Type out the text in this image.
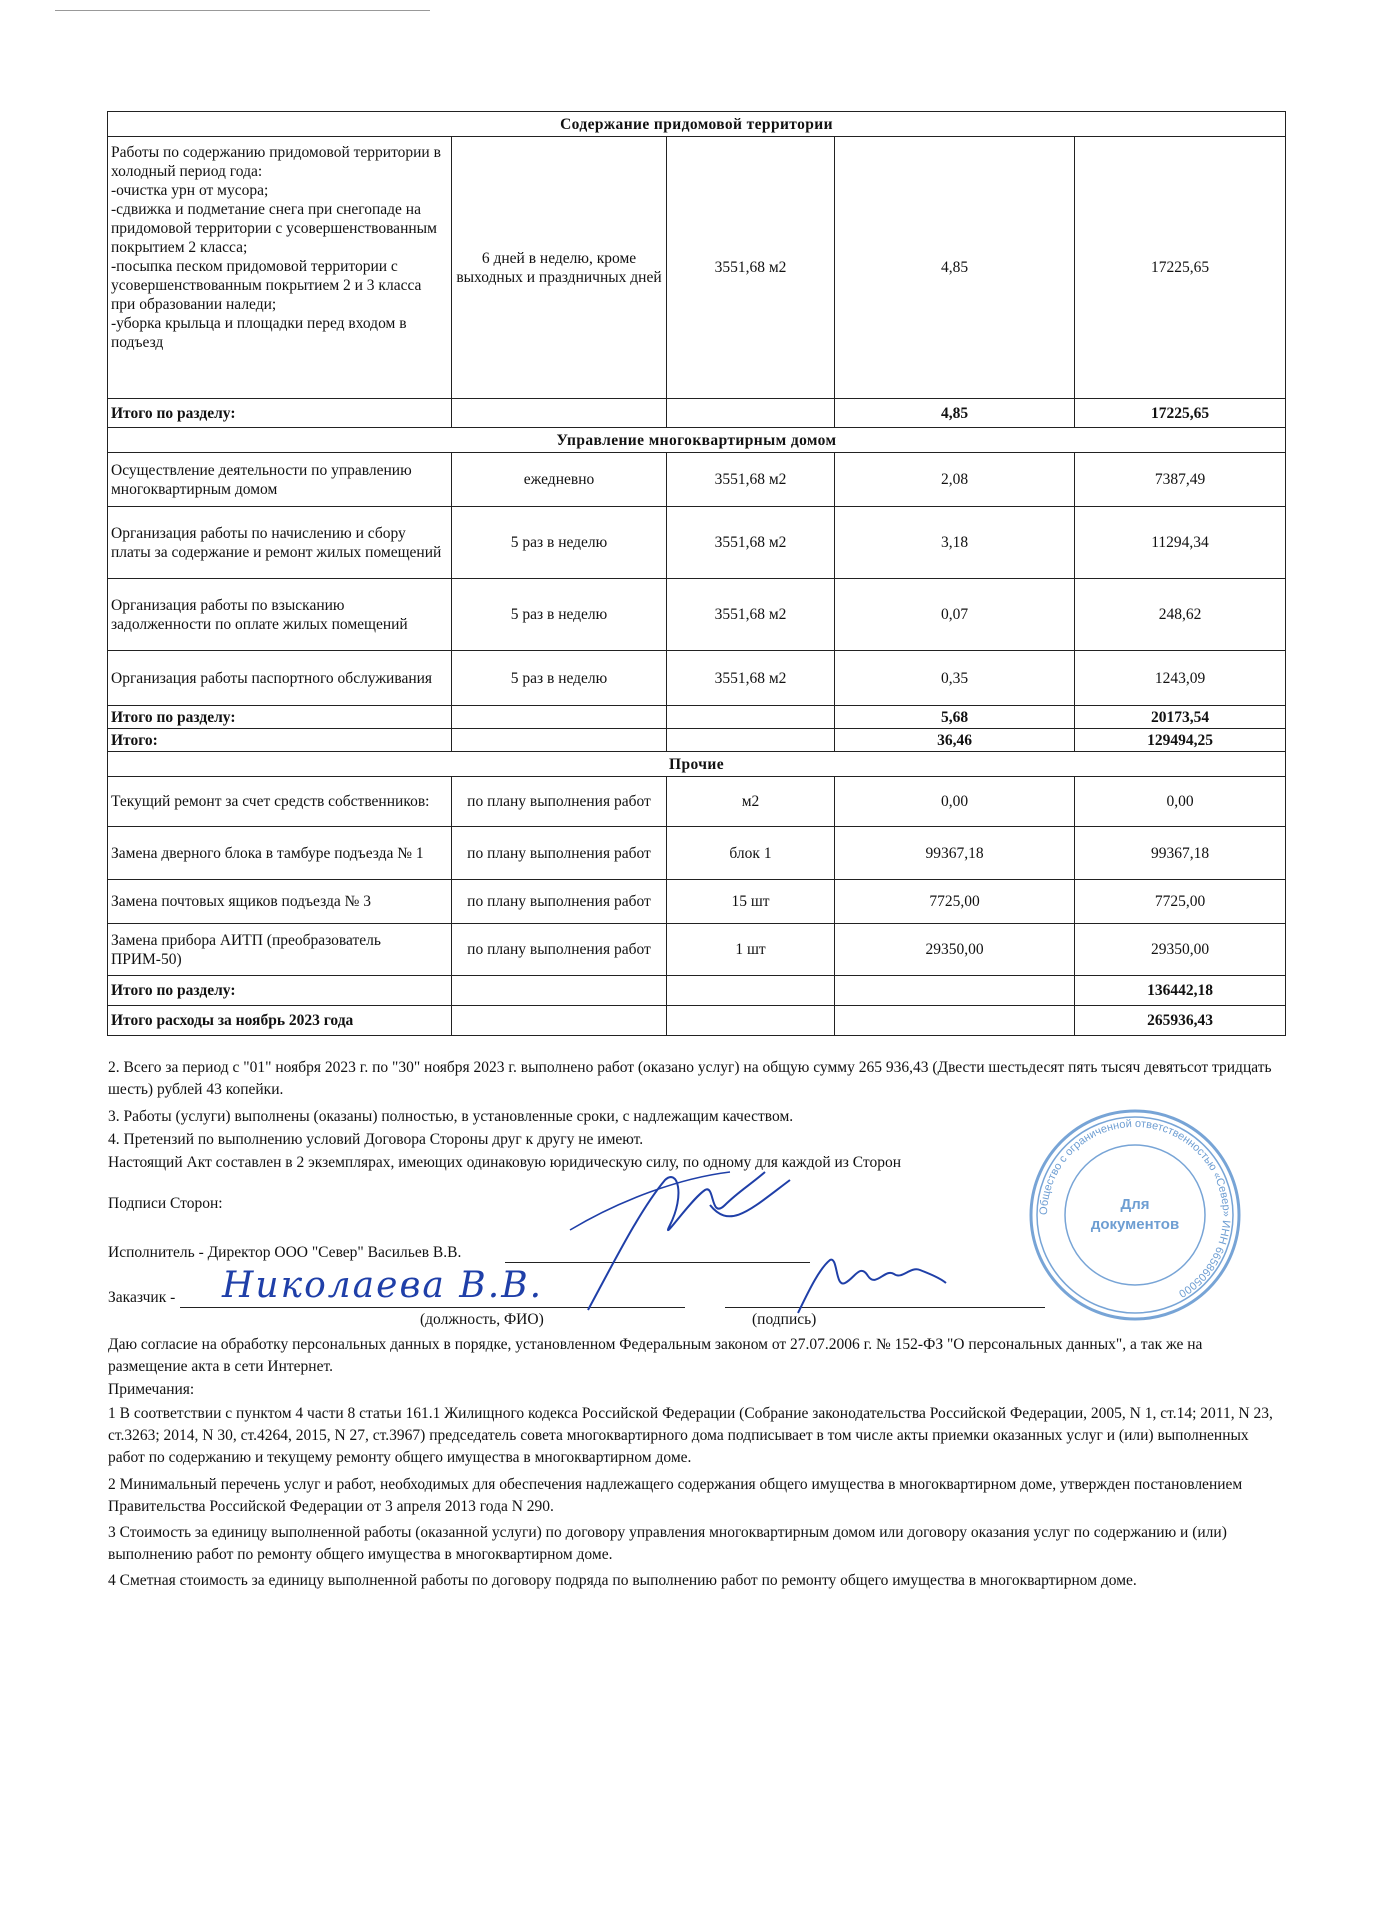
Содержание придомовой территории				
Работы по содержанию придомовой территории в холодный период года:
-очистка урн от мусора;
-сдвижка и подметание снега при снегопаде на придомовой территории с усовершенствованным покрытием 2 класса;
-посыпка песком придомовой территории с усовершенствованным покрытием 2 и 3 класса при образовании наледи;
-уборка крыльца и площадки перед входом в подъезд	6 дней в неделю, кроме выходных и праздничных дней	3551,68 м2	4,85	17225,65
Итого по разделу:			4,85	17225,65
Управление многоквартирным домом				
Осуществление деятельности по управлению многоквартирным домом	ежедневно	3551,68 м2	2,08	7387,49
Организация работы по начислению и сбору платы за содержание и ремонт жилых помещений	5 раз в неделю	3551,68 м2	3,18	11294,34
Организация работы по взысканию задолженности по оплате жилых помещений	5 раз в неделю	3551,68 м2	0,07	248,62
Организация работы паспортного обслуживания	5 раз в неделю	3551,68 м2	0,35	1243,09
Итого по разделу:			5,68	20173,54
Итого:			36,46	129494,25
Прочие				
Текущий ремонт за счет средств собственников:	по плану выполнения работ	м2	0,00	0,00
Замена дверного блока в тамбуре подъезда № 1	по плану выполнения работ	блок 1	99367,18	99367,18
Замена почтовых ящиков подъезда № 3	по плану выполнения работ	15 шт	7725,00	7725,00
Замена прибора АИТП (преобразователь ПРИМ-50)	по плану выполнения работ	1 шт	29350,00	29350,00
Итого по разделу:				136442,18
Итого расходы за ноябрь 2023 года				265936,43
2. Всего за период с "01" ноября 2023 г. по "30" ноября 2023 г. выполнено работ (оказано услуг) на общую сумму 265 936,43 (Двести шестьдесят пять тысяч девятьсот тридцать шесть) рублей 43 копейки.
3. Работы (услуги) выполнены (оказаны) полностью, в установленные сроки, с надлежащим качеством.
4. Претензий по выполнению условий Договора Стороны друг к другу не имеют.
Настоящий Акт составлен в 2 экземплярах, имеющих одинаковую юридическую силу, по одному для каждой из Сторон
Подписи Сторон:
Исполнитель - Директор ООО "Север" Васильев В.В.
Заказчик - Николаева В.В.
(должность, ФИО)	(подпись)
Общество с ограниченной ответственностью «Север» ИНН 6658605000
Для
документов
Даю согласие на обработку персональных данных в порядке, установленном Федеральным законом от 27.07.2006 г. № 152-ФЗ "О персональных данных", а так же на размещение акта в сети Интернет.
Примечания:
1 В соответствии с пунктом 4 части 8 статьи 161.1 Жилищного кодекса Российской Федерации (Собрание законодательства Российской Федерации, 2005, N 1, ст.14; 2011, N 23, ст.3263; 2014, N 30, ст.4264, 2015, N 27, ст.3967) председатель совета многоквартирного дома подписывает в том числе акты приемки оказанных услуг и (или) выполненных работ по содержанию и текущему ремонту общего имущества в многоквартирном доме.
2 Минимальный перечень услуг и работ, необходимых для обеспечения надлежащего содержания общего имущества в многоквартирном доме, утвержден постановлением Правительства Российской Федерации от 3 апреля 2013 года N 290.
3 Стоимость за единицу выполненной работы (оказанной услуги) по договору управления многоквартирным домом или договору оказания услуг по содержанию и (или) выполнению работ по ремонту общего имущества в многоквартирном доме.
4 Сметная стоимость за единицу выполненной работы по договору подряда по выполнению работ по ремонту общего имущества в многоквартирном доме.
